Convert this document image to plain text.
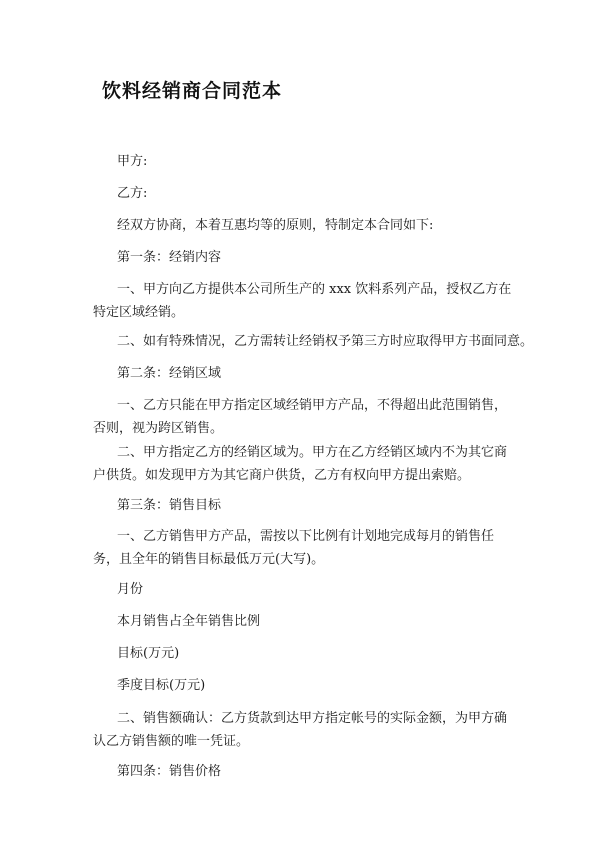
饮料经销商合同范本
甲方:
乙方:
经双方协商，本着互惠均等的原则，特制定本合同如下:
第一条：经销内容
一、甲方向乙方提供本公司所生产的 xxx 饮料系列产品，授权乙方在特定区域经销。
二、如有特殊情况，乙方需转让经销权予第三方时应取得甲方书面同意。
第二条：经销区域
一、乙方只能在甲方指定区域经销甲方产品，不得超出此范围销售，否则，视为跨区销售。
二、甲方指定乙方的经销区域为。甲方在乙方经销区域内不为其它商户供货。如发现甲方为其它商户供货，乙方有权向甲方提出索赔。
第三条：销售目标
一、乙方销售甲方产品，需按以下比例有计划地完成每月的销售任务，且全年的销售目标最低万元(大写)。
月份
本月销售占全年销售比例
目标(万元)
季度目标(万元)
二、销售额确认：乙方货款到达甲方指定帐号的实际金额，为甲方确认乙方销售额的唯一凭证。
第四条：销售价格
